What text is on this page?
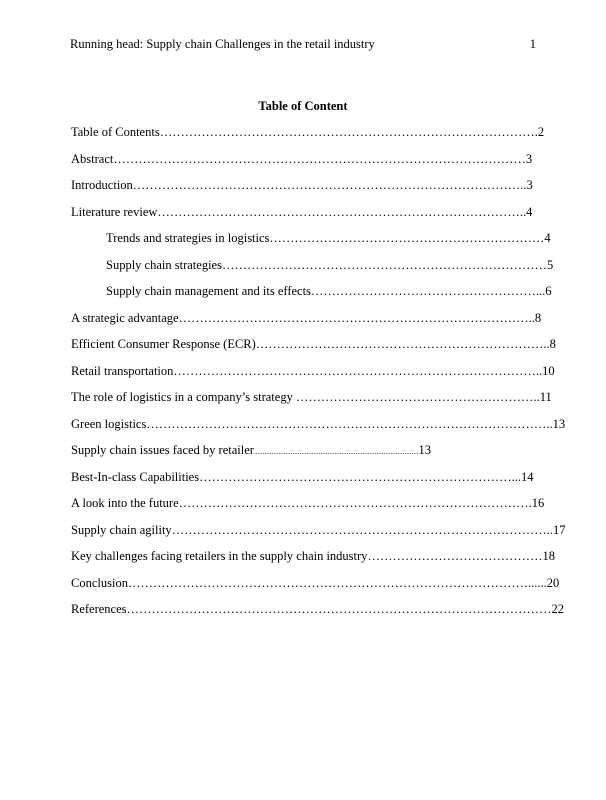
Running head: Supply chain Challenges in the retail industry	1
Table of Content
Table of Contents……………………………………………………………………………….2
Abstract………………………………………………………………………………………3
Introduction…………………………………………………………………………………..3
Literature review……………………………………………………………………………..4
Trends and strategies in logistics…………………………………………………………4
Supply chain strategies……………………………………………………………………5
Supply chain management and its effects………………………………………………...6
A strategic advantage…………………………………………………………………………..8
Efficient Consumer Response (ECR)……………………………………………………………..8
Retail transportation……………………………………………………………………………..10
The role of logistics in a company’s strategy …………………………………………………..11
Green logistics……………………………………………………………………………………..13
Supply chain issues faced by retailer..............................................................................................13
Best-In-class Capabilities…………………………………………………………………...14
A look into the future………………………………………………………………………….16
Supply chain agility………………………………………………………………………………..17
Key challenges facing retailers in the supply chain industry……………………………………18
Conclusion……………………………………………………………………………………......20
References…………………………………………………………………………………………22
